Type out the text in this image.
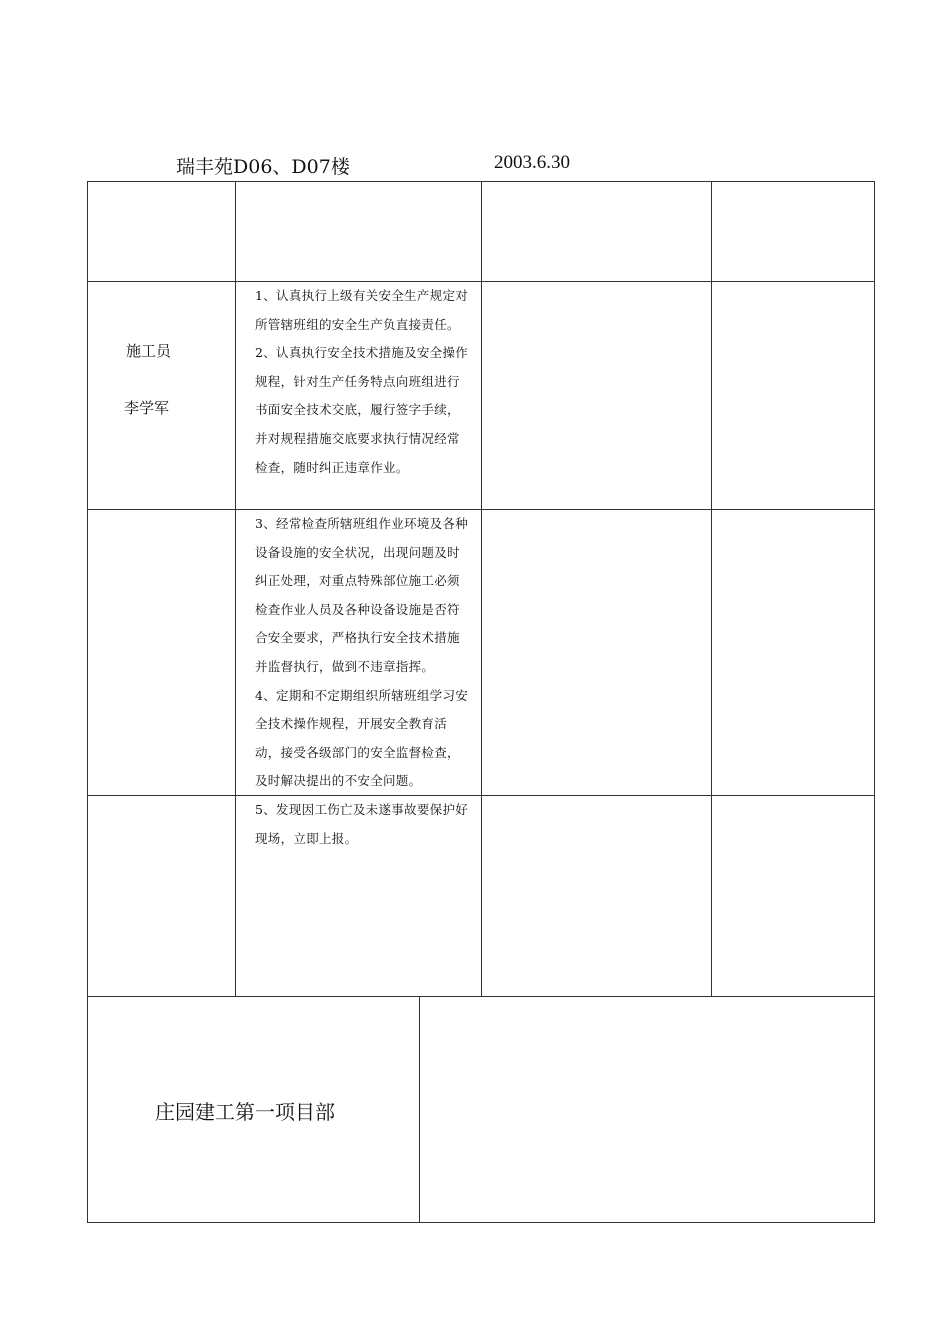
瑞丰苑D06、D07楼	2003.6.30
施工员
李学军

1、认真执行上级有关安全生产规定对所管辖班组的安全生产负直接责任。

2、认真执行安全技术措施及安全操作规程，针对生产任务特点向班组进行书面安全技术交底，履行签字手续，并对规程措施交底要求执行情况经常检查，随时纠正违章作业。

3、经常检查所辖班组作业环境及各种设备设施的安全状况，出现问题及时纠正处理，对重点特殊部位施工必须检查作业人员及各种设备设施是否符合安全要求，严格执行安全技术措施并监督执行，做到不违章指挥。

4、定期和不定期组织所辖班组学习安全技术操作规程，开展安全教育活动，接受各级部门的安全监督检查，及时解决提出的不安全问题。

5、发现因工伤亡及未遂事故要保护好现场，立即上报。

庄园建工第一项目部
